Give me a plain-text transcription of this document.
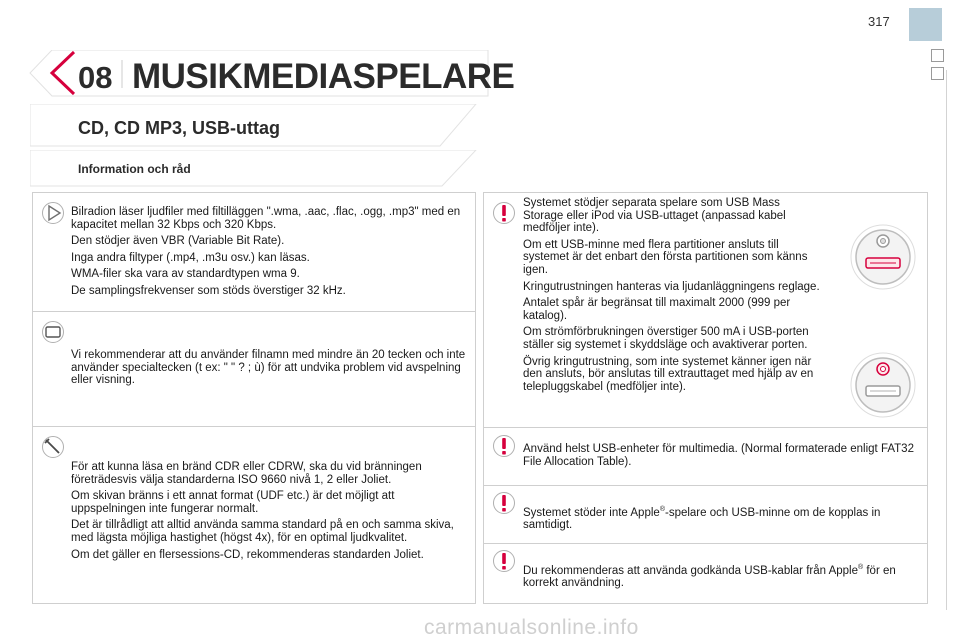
317
08 MUSIKMEDIASPELARE
CD, CD MP3, USB-uttag
Information och råd

Bilradion läser ljudfiler med filtilläggen ".wma, .aac, .flac, .ogg, .mp3" med en kapacitet mellan 32 Kbps och 320 Kbps.

Den stödjer även VBR (Variable Bit Rate).

Inga andra filtyper (.mp4, .m3u osv.) kan läsas.

WMA-filer ska vara av standardtypen wma 9.

De samplingsfrekvenser som stöds överstiger 32 kHz.

Vi rekommenderar att du använder filnamn med mindre än 20 tecken och inte använder specialtecken (t ex: " " ? ; ù) för att undvika problem vid avspelning eller visning.

För att kunna läsa en bränd CDR eller CDRW, ska du vid bränningen företrädesvis välja standarderna ISO 9660 nivå 1, 2 eller Joliet.

Om skivan bränns i ett annat format (UDF etc.) är det möjligt att uppspelningen inte fungerar normalt.

Det är tillrådligt att alltid använda samma standard på en och samma skiva, med lägsta möjliga hastighet (högst 4x), för en optimal ljudkvalitet.

Om det gäller en flersessions-CD, rekommenderas standarden Joliet.

Systemet stödjer separata spelare som USB Mass Storage eller iPod via USB-uttaget (anpassad kabel medföljer inte).

Om ett USB-minne med flera partitioner ansluts till systemet är det enbart den första partitionen som känns igen.

Kringutrustningen hanteras via ljudanläggningens reglage.

Antalet spår är begränsat till maximalt 2000 (999 per katalog).

Om strömförbrukningen överstiger 500 mA i USB-porten ställer sig systemet i skyddsläge och avaktiverar porten.

Övrig kringutrustning, som inte systemet känner igen när den ansluts, bör anslutas till extrauttaget med hjälp av en telepluggskabel (medföljer inte).

Använd helst USB-enheter för multimedia. (Normal formaterade enligt FAT32 File Allocation Table).

Systemet stöder inte Apple®-spelare och USB-minne om de kopplas in samtidigt.

Du rekommenderas att använda godkända USB-kablar från Apple® för en korrekt användning.

carmanualsonline.info
